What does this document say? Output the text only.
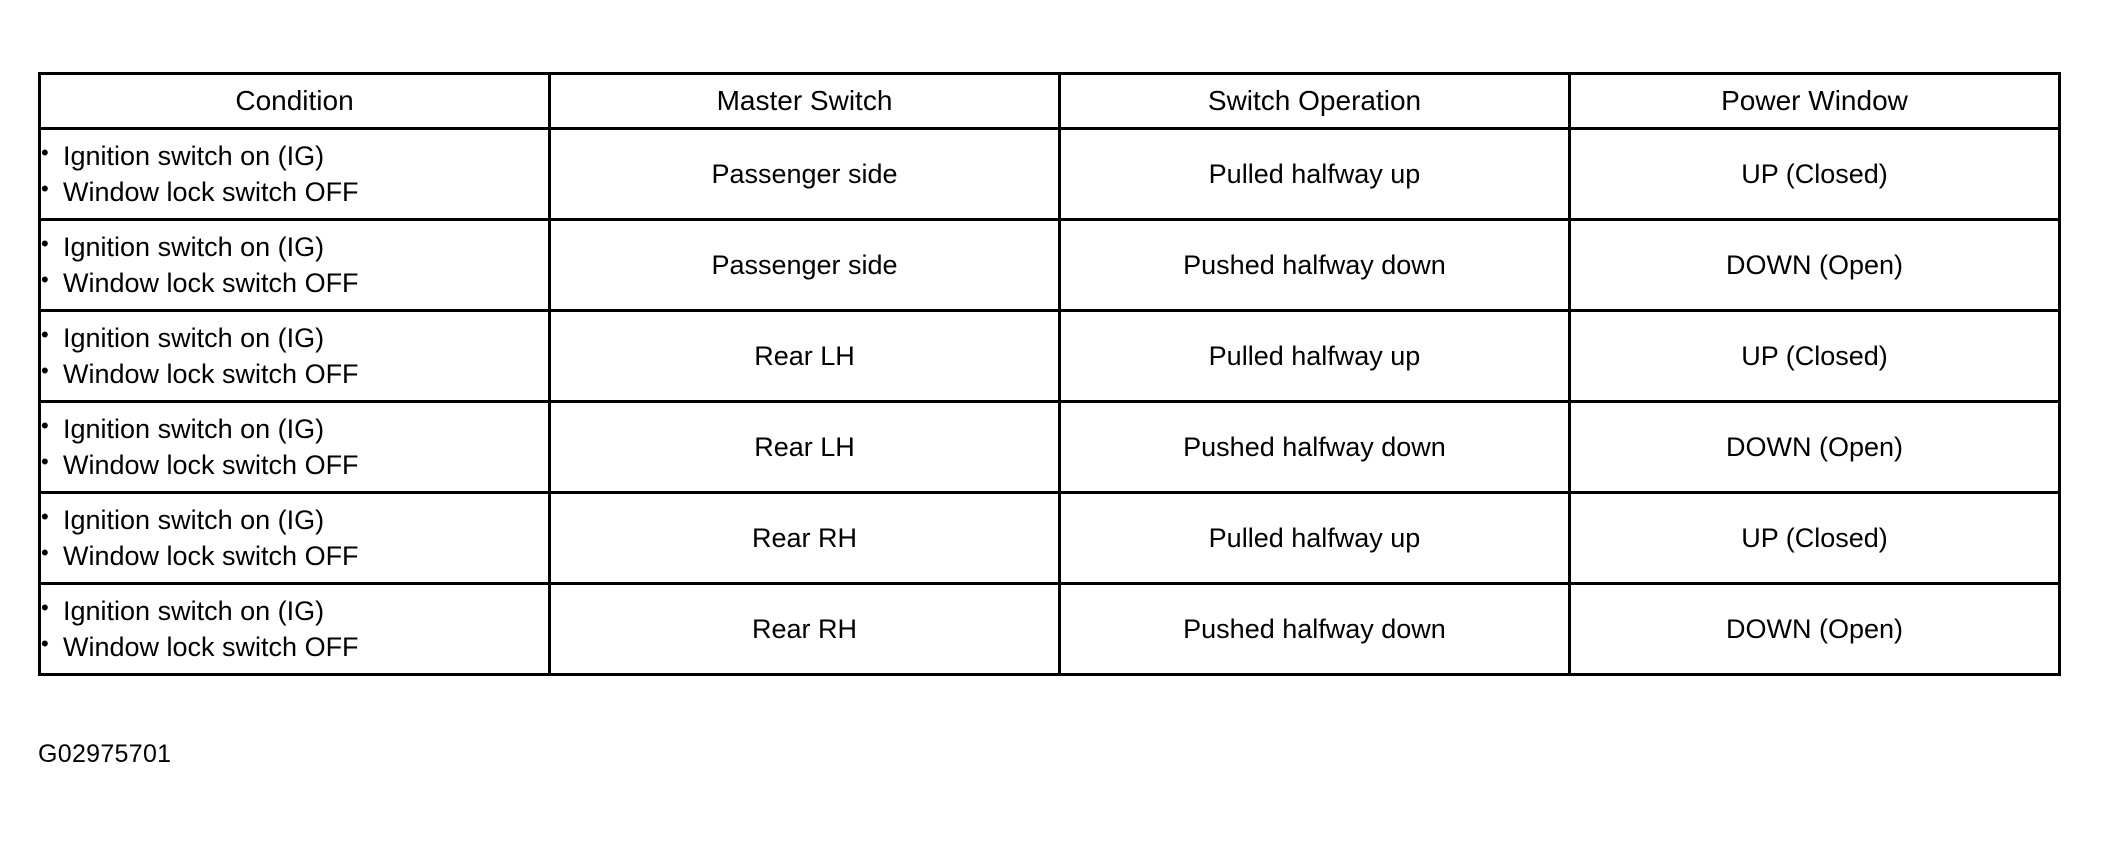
Condition	Master Switch	Switch Operation	Power Window

• Ignition switch on (IG)
• Window lock switch OFF	Passenger side	Pulled halfway up	UP (Closed)

• Ignition switch on (IG)
• Window lock switch OFF	Passenger side	Pushed halfway down	DOWN (Open)

• Ignition switch on (IG)
• Window lock switch OFF	Rear LH	Pulled halfway up	UP (Closed)

• Ignition switch on (IG)
• Window lock switch OFF	Rear LH	Pushed halfway down	DOWN (Open)

• Ignition switch on (IG)
• Window lock switch OFF	Rear RH	Pulled halfway up	UP (Closed)

• Ignition switch on (IG)
• Window lock switch OFF	Rear RH	Pushed halfway down	DOWN (Open)
G02975701
